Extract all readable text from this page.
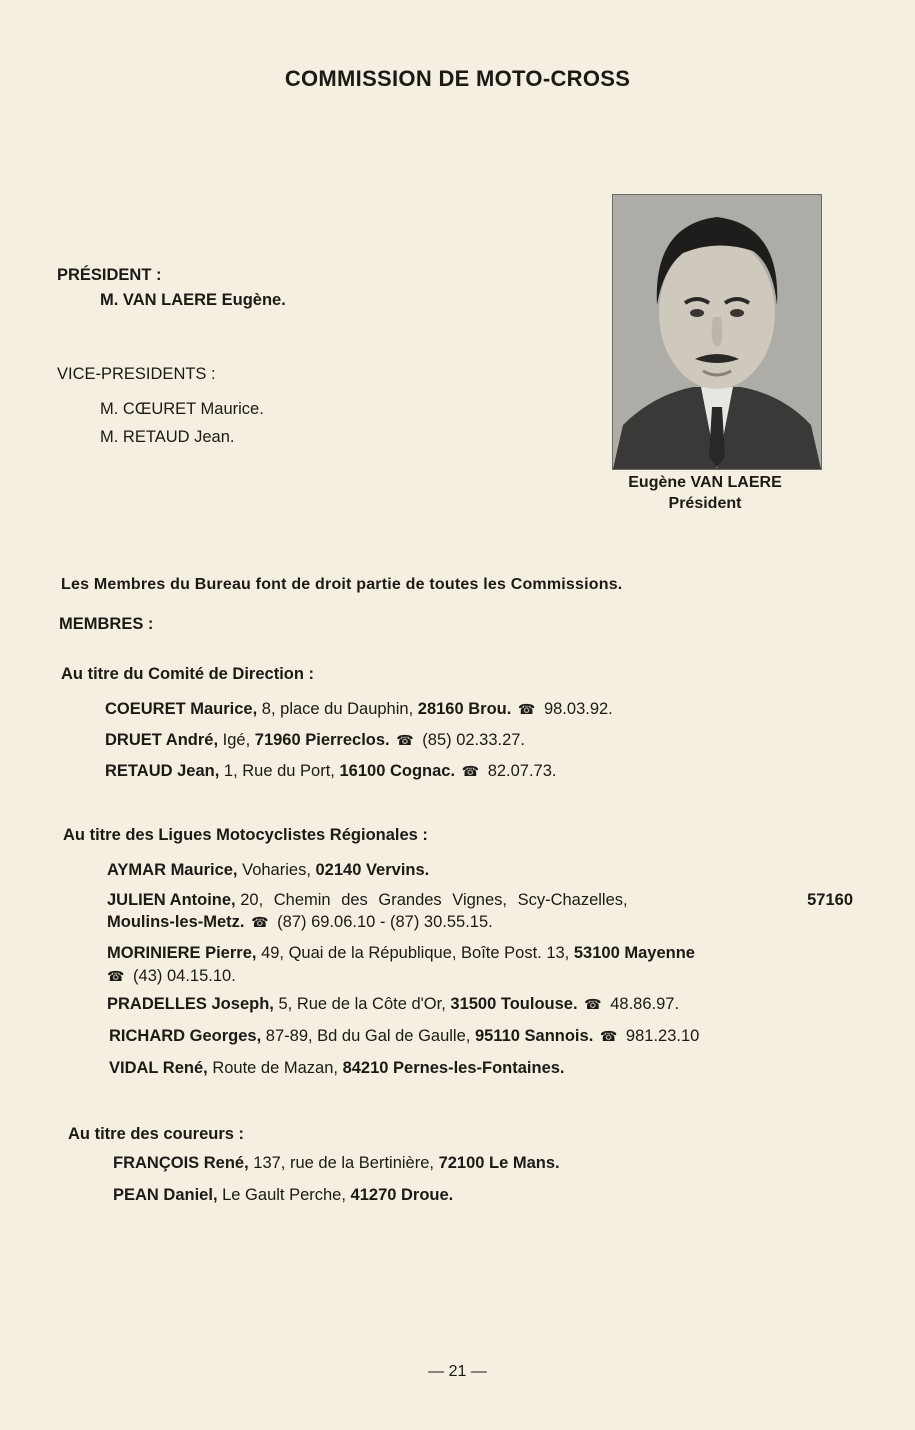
COMMISSION DE MOTO-CROSS
PRÉSIDENT :
M. VAN LAERE Eugène.
VICE-PRESIDENTS :
M. CŒURET Maurice.
M. RETAUD Jean.
Eugène VAN LAERE
Président
Les Membres du Bureau font de droit partie de toutes les Commissions.
MEMBRES :
Au titre du Comité de Direction :
COEURET Maurice, 8, place du Dauphin, 28160 Brou. ☎ 98.03.92.
DRUET André, Igé, 71960 Pierreclos. ☎ (85) 02.33.27.
RETAUD Jean, 1, Rue du Port, 16100 Cognac. ☎ 82.07.73.
Au titre des Ligues Motocyclistes Régionales :
AYMAR Maurice, Voharies, 02140 Vervins.
JULIEN Antoine, 20, Chemin des Grandes Vignes, Scy-Chazelles,	57160
Moulins-les-Metz. ☎ (87) 69.06.10 - (87) 30.55.15.
MORINIERE Pierre, 49, Quai de la République, Boîte Post. 13, 53100 Mayenne
☎ (43) 04.15.10.
PRADELLES Joseph, 5, Rue de la Côte d'Or, 31500 Toulouse. ☎ 48.86.97.
RICHARD Georges, 87-89, Bd du Gal de Gaulle, 95110 Sannois. ☎ 981.23.10
VIDAL René, Route de Mazan, 84210 Pernes-les-Fontaines.
Au titre des coureurs :
FRANÇOIS René, 137, rue de la Bertinière, 72100 Le Mans.
PEAN Daniel, Le Gault Perche, 41270 Droue.
— 21 —
